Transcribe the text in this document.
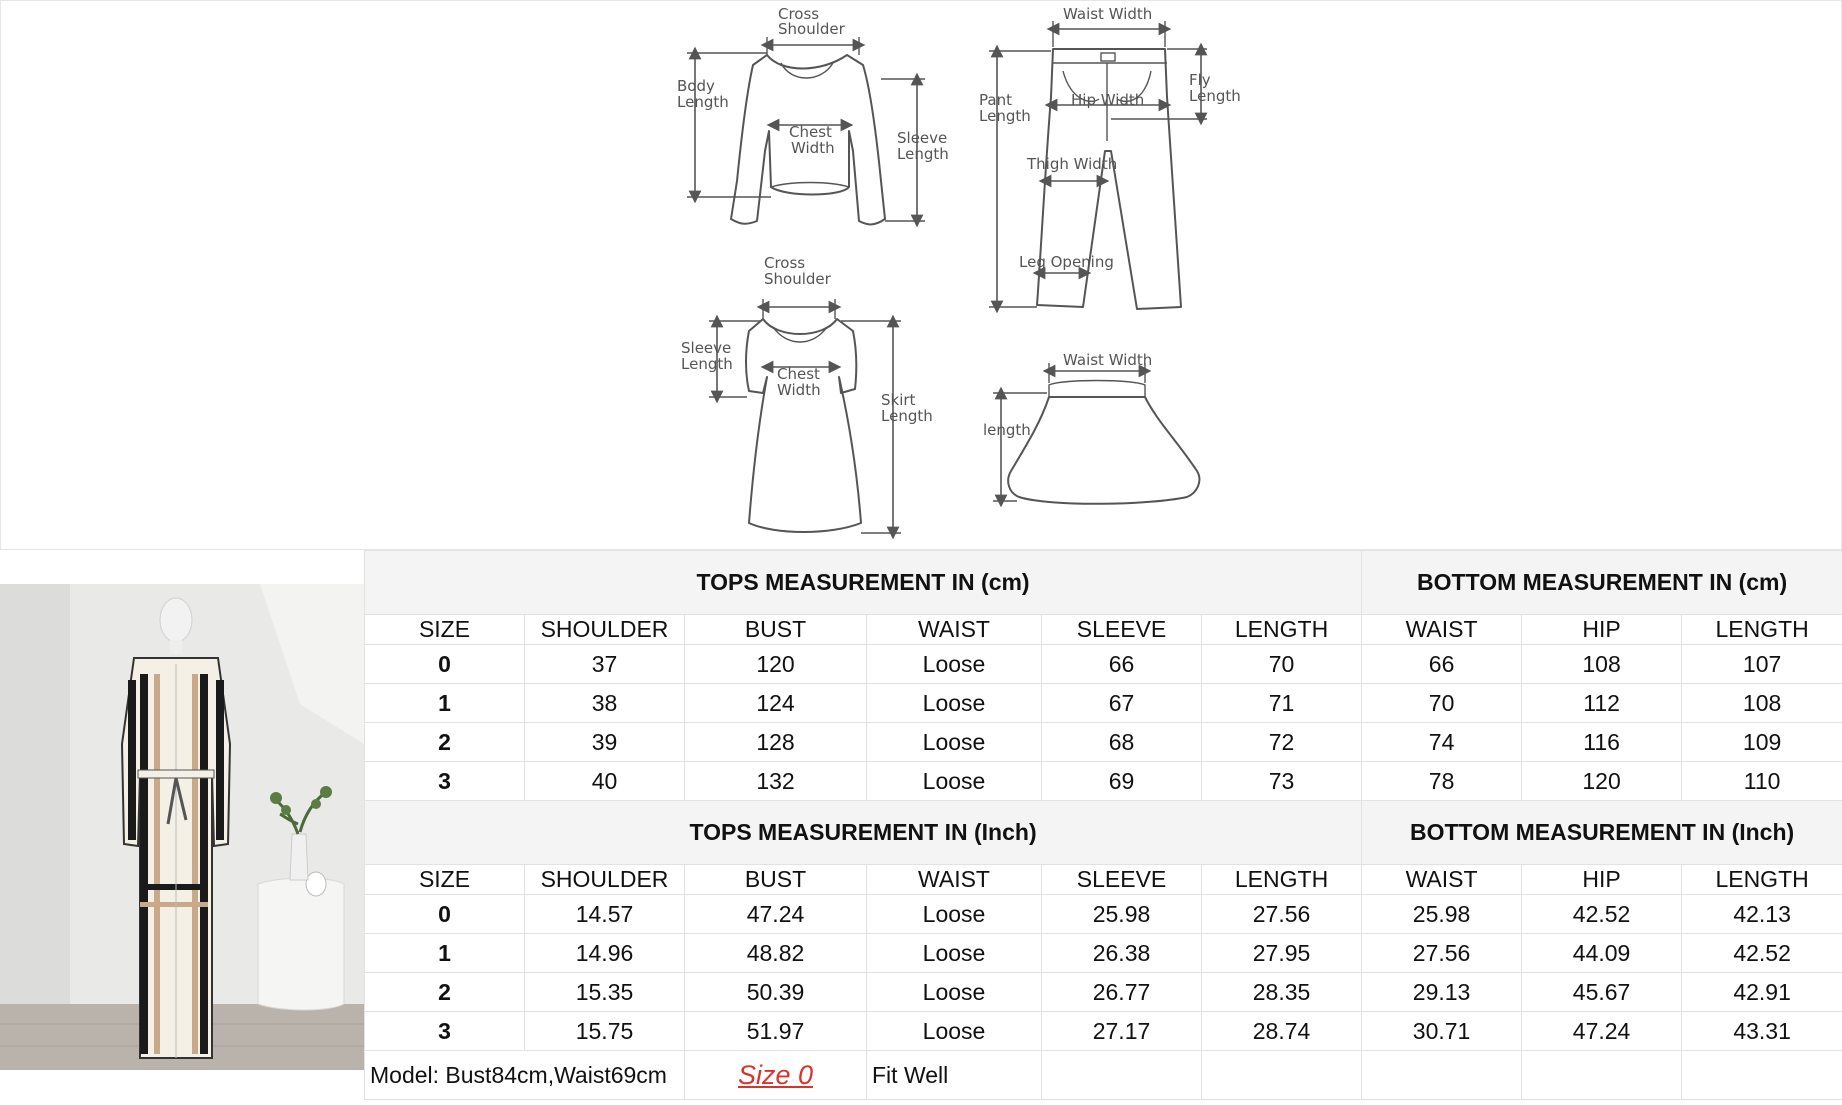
Cross
Shoulder
Body
Length
Chest
Width
Sleeve
Length
Waist Width
Pant
Length
Hip Width
Fly
Length
Thigh Width
Leg Opening
Cross
Shoulder
Sleeve
Length
Chest
Width
Skirt
Length
Waist Width
length
TOPS MEASUREMENT IN (cm)						BOTTOM MEASUREMENT IN (cm)		
SIZE	SHOULDER	BUST	WAIST	SLEEVE	LENGTH	WAIST	HIP	LENGTH
0	37	120	Loose	66	70	66	108	107
1	38	124	Loose	67	71	70	112	108
2	39	128	Loose	68	72	74	116	109
3	40	132	Loose	69	73	78	120	110
TOPS MEASUREMENT IN (Inch)						BOTTOM MEASUREMENT IN (Inch)		
SIZE	SHOULDER	BUST	WAIST	SLEEVE	LENGTH	WAIST	HIP	LENGTH
0	14.57	47.24	Loose	25.98	27.56	25.98	42.52	42.13
1	14.96	48.82	Loose	26.38	27.95	27.56	44.09	42.52
2	15.35	50.39	Loose	26.77	28.35	29.13	45.67	42.91
3	15.75	51.97	Loose	27.17	28.74	30.71	47.24	43.31
Model: Bust84cm,Waist69cm		Size 0	Fit Well					
